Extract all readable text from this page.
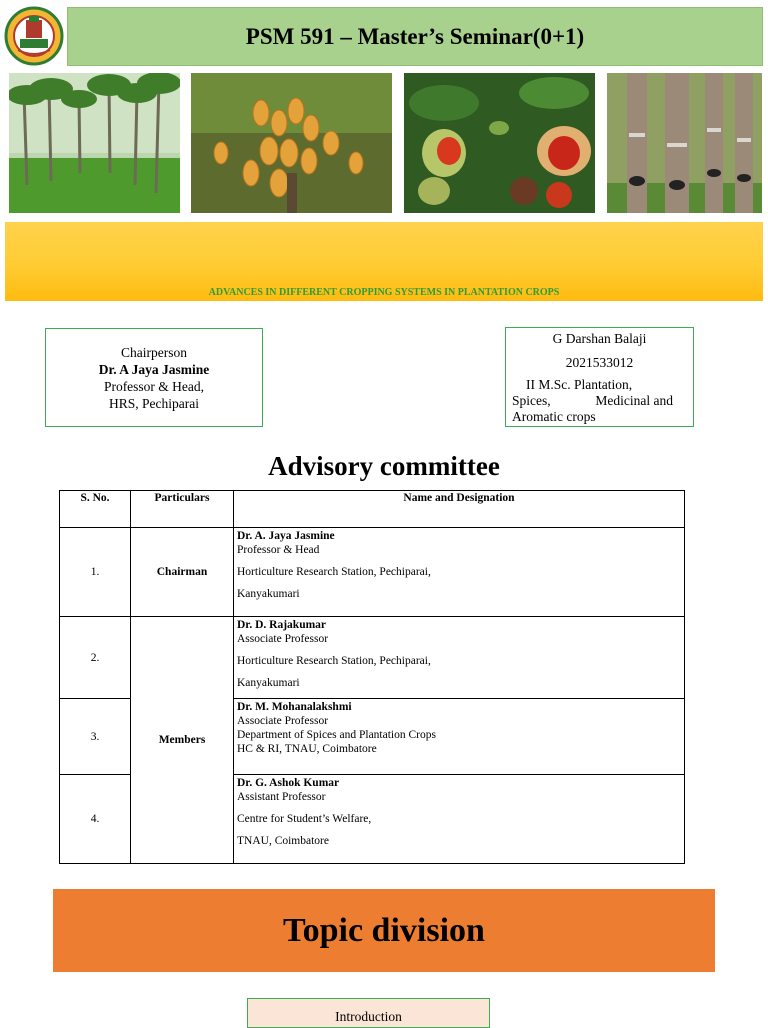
PSM 591 – Master’s Seminar(0+1)
ADVANCES IN DIFFERENT CROPPING SYSTEMS IN PLANTATION CROPS
Chairperson
Dr. A Jaya Jasmine
Professor & Head,
HRS, Pechiparai
G Darshan Balaji
2021533012
II M.Sc. Plantation,
Spices,	Medicinal and
Aromatic crops
Advisory committee
S. No.	Particulars	Name and Designation
1.	Chairman	Dr. A. Jaya Jasmine
Professor & Head
Horticulture Research Station, Pechiparai,
Kanyakumari

2.	Members	Dr. D. Rajakumar
Associate Professor
Horticulture Research Station, Pechiparai,
Kanyakumari

3.		Dr. M. Mohanalakshmi
Associate Professor
Department of Spices and Plantation Crops
HC & RI, TNAU, Coimbatore

4.		Dr. G. Ashok Kumar
Assistant Professor
Centre for Student’s Welfare,
TNAU, Coimbatore
Topic division
Introduction
